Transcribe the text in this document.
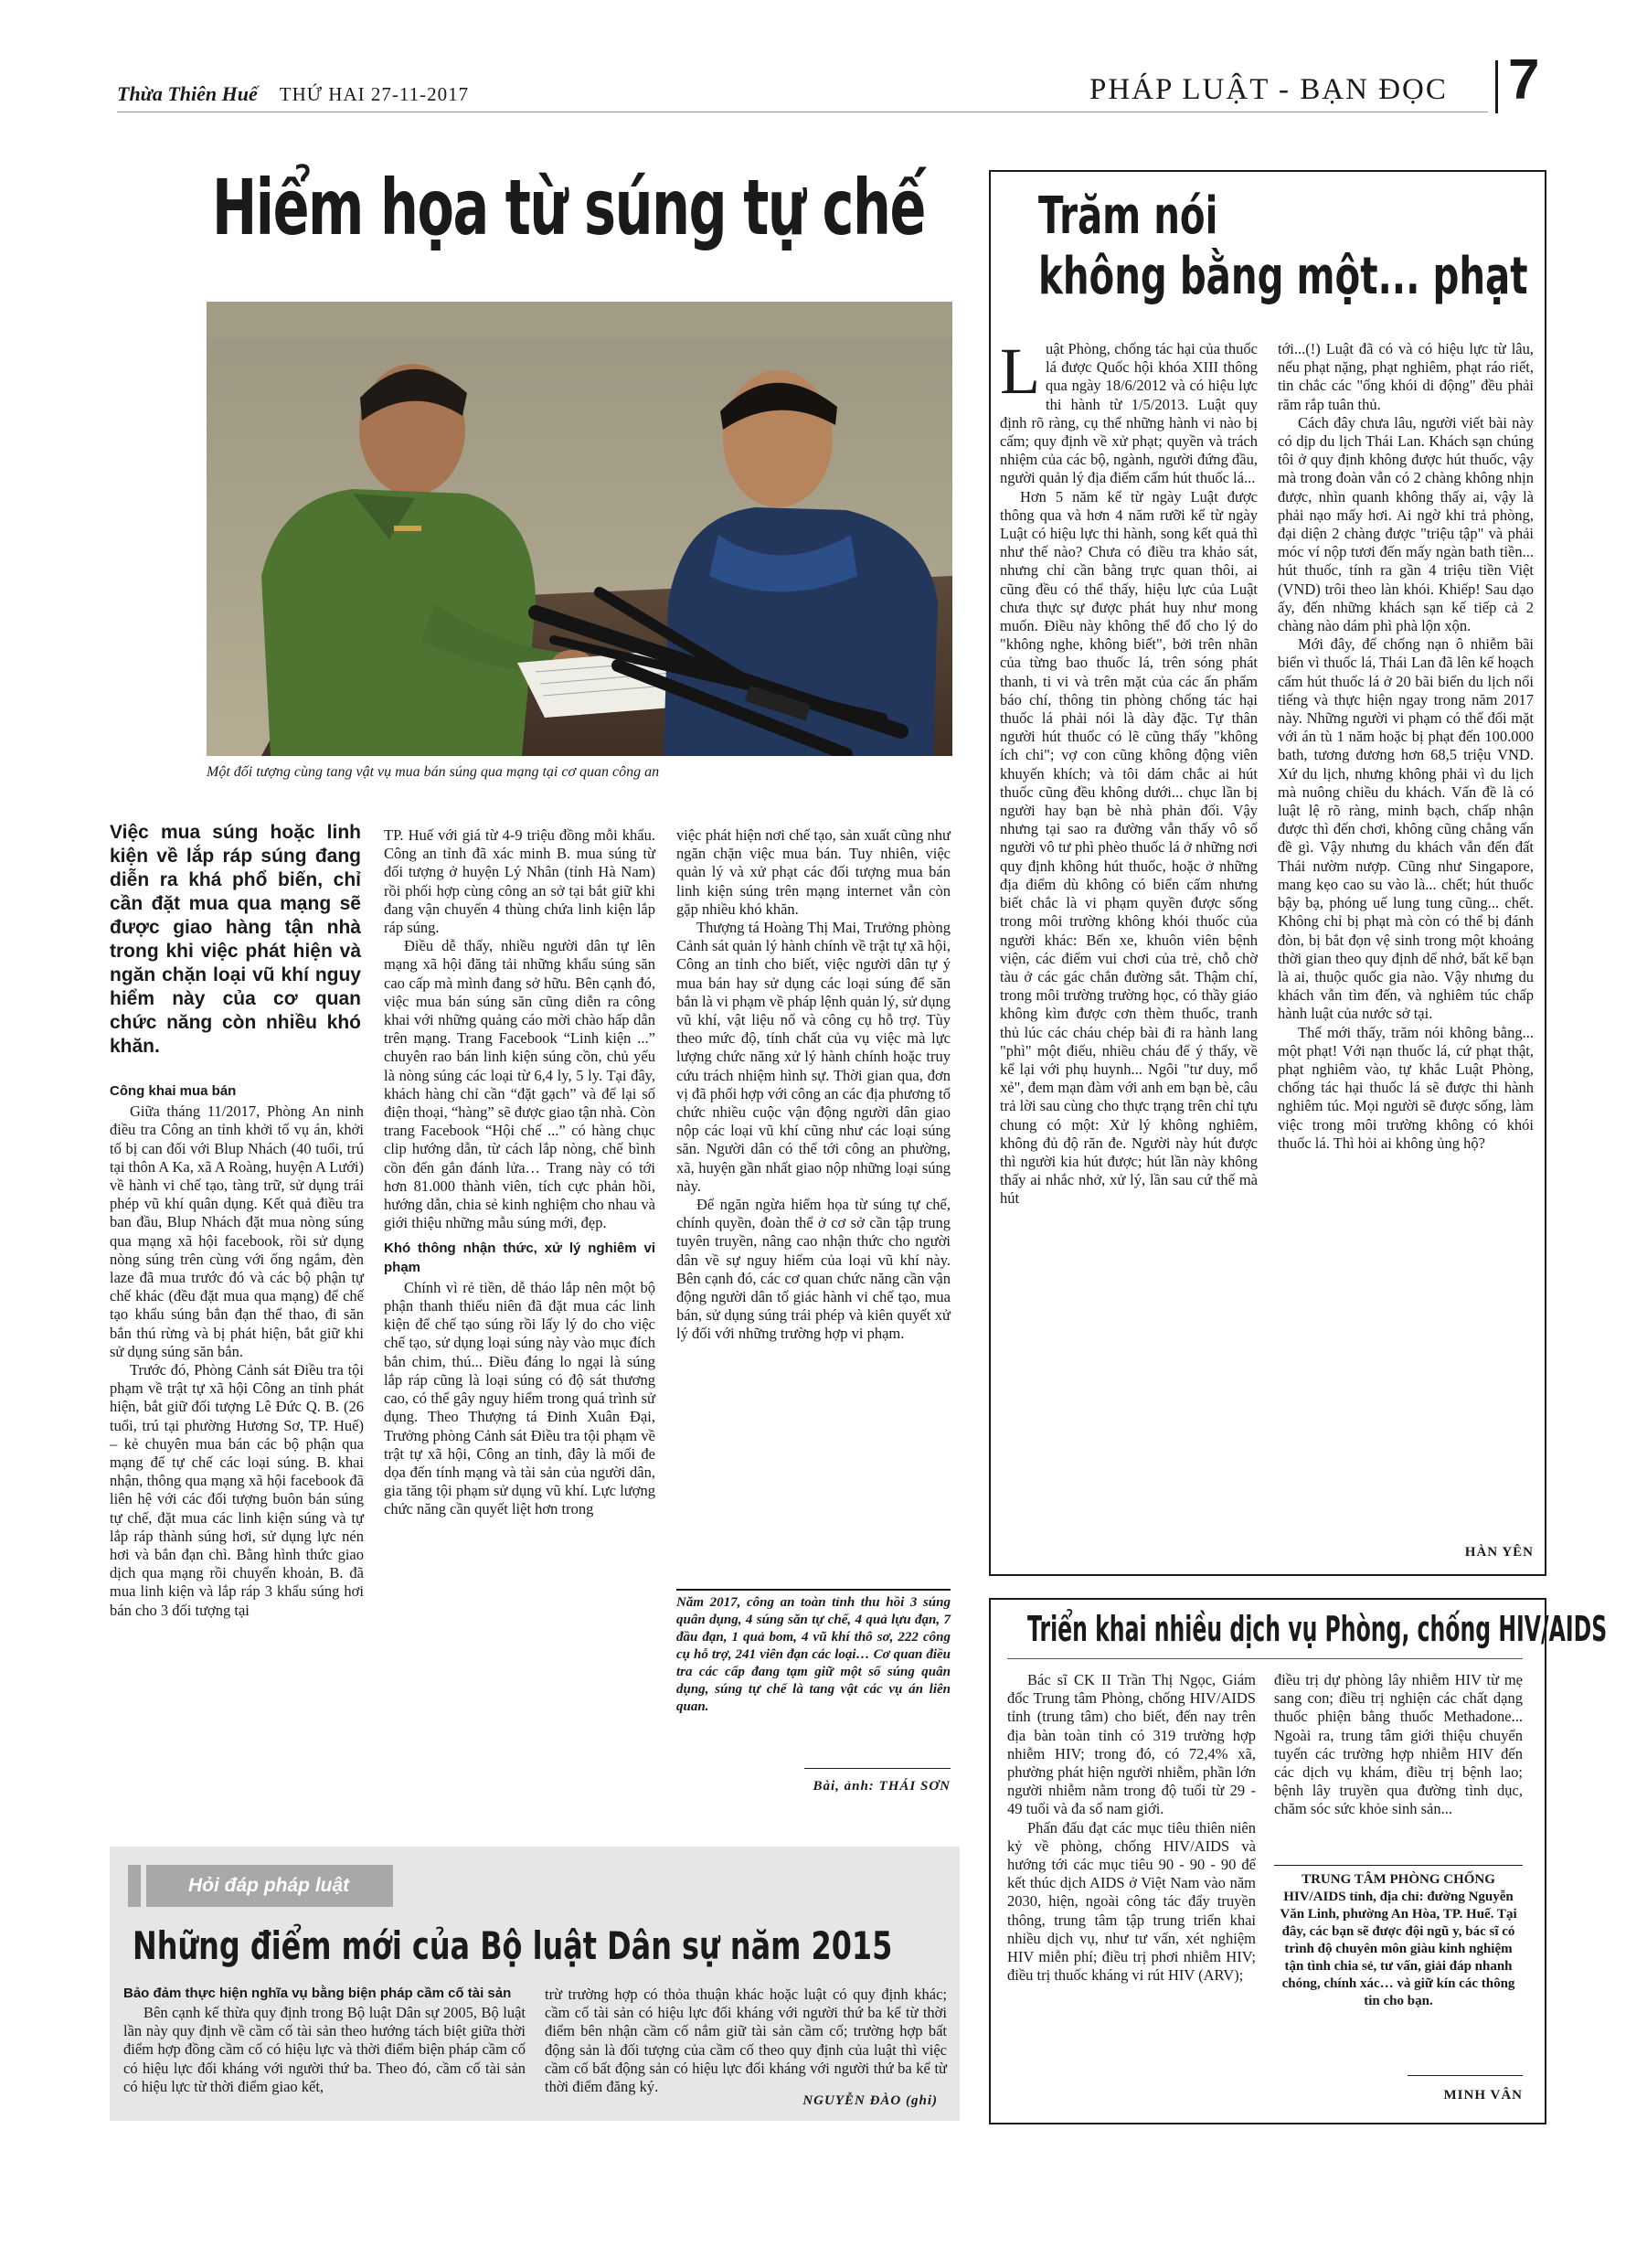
Thừa Thiên Huế THỨ HAI 27-11-2017	PHÁP LUẬT - BẠN ĐỌC 7
Hiểm họa từ súng tự chế
Một đối tượng cùng tang vật vụ mua bán súng qua mạng tại cơ quan công an
Việc mua súng hoặc linh kiện về lắp ráp súng đang diễn ra khá phổ biến, chỉ cần đặt mua qua mạng sẽ được giao hàng tận nhà trong khi việc phát hiện và ngăn chặn loại vũ khí nguy hiểm này của cơ quan chức năng còn nhiều khó khăn.
Công khai mua bán

Giữa tháng 11/2017, Phòng An ninh điều tra Công an tỉnh khởi tố vụ án, khởi tố bị can đối với Blup Nhách (40 tuổi, trú tại thôn A Ka, xã A Roàng, huyện A Lưới) về hành vi chế tạo, tàng trữ, sử dụng trái phép vũ khí quân dụng. Kết quả điều tra ban đầu, Blup Nhách đặt mua nòng súng qua mạng xã hội facebook, rồi sử dụng nòng súng trên cùng với ống ngắm, đèn laze đã mua trước đó và các bộ phận tự chế khác (đều đặt mua qua mạng) để chế tạo khẩu súng bắn đạn thể thao, đi săn bắn thú rừng và bị phát hiện, bắt giữ khi sử dụng súng săn bắn.

Trước đó, Phòng Cảnh sát Điều tra tội phạm về trật tự xã hội Công an tỉnh phát hiện, bắt giữ đối tượng Lê Đức Q. B. (26 tuổi, trú tại phường Hương Sơ, TP. Huế) – kẻ chuyên mua bán các bộ phận qua mạng để tự chế các loại súng. B. khai nhận, thông qua mạng xã hội facebook đã liên hệ với các đối tượng buôn bán súng tự chế, đặt mua các linh kiện súng và tự lắp ráp thành súng hơi, sử dụng lực nén hơi và bắn đạn chì. Bằng hình thức giao dịch qua mạng rồi chuyển khoản, B. đã mua linh kiện và lắp ráp 3 khẩu súng hơi bán cho 3 đối tượng tại

TP. Huế với giá từ 4-9 triệu đồng mỗi khẩu. Công an tỉnh đã xác minh B. mua súng từ đối tượng ở huyện Lý Nhân (tỉnh Hà Nam) rồi phối hợp cùng công an sở tại bắt giữ khi đang vận chuyển 4 thùng chứa linh kiện lắp ráp súng.

Điều dễ thấy, nhiều người dân tự lên mạng xã hội đăng tải những khẩu súng săn cao cấp mà mình đang sở hữu. Bên cạnh đó, việc mua bán súng săn cũng diễn ra công khai với những quảng cáo mời chào hấp dẫn trên mạng. Trang Facebook “Linh kiện ...” chuyên rao bán linh kiện súng cồn, chủ yếu là nòng súng các loại từ 6,4 ly, 5 ly. Tại đây, khách hàng chỉ cần “đặt gạch” và để lại số điện thoại, “hàng” sẽ được giao tận nhà. Còn trang Facebook “Hội chế ...” có hàng chục clip hướng dẫn, từ cách lắp nòng, chế bình cồn đến gắn đánh lửa… Trang này có tới hơn 81.000 thành viên, tích cực phản hồi, hướng dẫn, chia sẻ kinh nghiệm cho nhau và giới thiệu những mẫu súng mới, đẹp.

Khó thông nhận thức, xử lý nghiêm vi phạm

Chính vì rẻ tiền, dễ tháo lắp nên một bộ phận thanh thiếu niên đã đặt mua các linh kiện để chế tạo súng rồi lấy lý do cho việc chế tạo, sử dụng loại súng này vào mục đích bắn chim, thú... Điều đáng lo ngại là súng lắp ráp cũng là loại súng có độ sát thương cao, có thể gây nguy hiểm trong quá trình sử dụng. Theo Thượng tá Đinh Xuân Đại, Trưởng phòng Cảnh sát Điều tra tội phạm về trật tự xã hội, Công an tỉnh, đây là mối đe dọa đến tính mạng và tài sản của người dân, gia tăng tội phạm sử dụng vũ khí. Lực lượng chức năng cần quyết liệt hơn trong

việc phát hiện nơi chế tạo, sản xuất cũng như ngăn chặn việc mua bán. Tuy nhiên, việc quản lý và xử phạt các đối tượng mua bán linh kiện súng trên mạng internet vẫn còn gặp nhiều khó khăn.

Thượng tá Hoàng Thị Mai, Trưởng phòng Cảnh sát quản lý hành chính về trật tự xã hội, Công an tỉnh cho biết, việc người dân tự ý mua bán hay sử dụng các loại súng để săn bắn là vi phạm về pháp lệnh quản lý, sử dụng vũ khí, vật liệu nổ và công cụ hỗ trợ. Tùy theo mức độ, tính chất của vụ việc mà lực lượng chức năng xử lý hành chính hoặc truy cứu trách nhiệm hình sự. Thời gian qua, đơn vị đã phối hợp với công an các địa phương tổ chức nhiều cuộc vận động người dân giao nộp các loại vũ khí cũng như các loại súng săn. Người dân có thể tới công an phường, xã, huyện gần nhất giao nộp những loại súng này.

Để ngăn ngừa hiểm họa từ súng tự chế, chính quyền, đoàn thể ở cơ sở cần tập trung tuyên truyền, nâng cao nhận thức cho người dân về sự nguy hiểm của loại vũ khí này. Bên cạnh đó, các cơ quan chức năng cần vận động người dân tố giác hành vi chế tạo, mua bán, sử dụng súng trái phép và kiên quyết xử lý đối với những trường hợp vi phạm.

Năm 2017, công an toàn tỉnh thu hồi 3 súng quân dụng, 4 súng săn tự chế, 4 quả lựu đạn, 7 đầu đạn, 1 quả bom, 4 vũ khí thô sơ, 222 công cụ hỗ trợ, 241 viên đạn các loại… Cơ quan điều tra các cấp đang tạm giữ một số súng quân dụng, súng tự chế là tang vật các vụ án liên quan.
Bài, ảnh: THÁI SƠN
Trăm nói
không bằng một... phạt
L uật Phòng, chống tác hại của thuốc lá được Quốc hội khóa XIII thông qua ngày 18/6/2012 và có hiệu lực thi hành từ 1/5/2013. Luật quy định rõ ràng, cụ thể những hành vi nào bị cấm; quy định về xử phạt; quyền và trách nhiệm của các bộ, ngành, người đứng đầu, người quản lý địa điểm cấm hút thuốc lá...

Hơn 5 năm kể từ ngày Luật được thông qua và hơn 4 năm rưỡi kể từ ngày Luật có hiệu lực thi hành, song kết quả thì như thế nào? Chưa có điều tra khảo sát, nhưng chỉ cần bằng trực quan thôi, ai cũng đều có thể thấy, hiệu lực của Luật chưa thực sự được phát huy như mong muốn. Điều này không thể đổ cho lý do "không nghe, không biết", bởi trên nhãn của từng bao thuốc lá, trên sóng phát thanh, ti vi và trên mặt của các ấn phẩm báo chí, thông tin phòng chống tác hại thuốc lá phải nói là dày đặc. Tự thân người hút thuốc có lẽ cũng thấy "không ích chi"; vợ con cũng không động viên khuyến khích; và tôi dám chắc ai hút thuốc cũng đều không dưới... chục lần bị người hay bạn bè nhà phản đối. Vậy nhưng tại sao ra đường vẫn thấy vô số người vô tư phì phèo thuốc lá ở những nơi quy định không hút thuốc, hoặc ở những địa điểm dù không có biển cấm nhưng biết chắc là vi phạm quyền được sống trong môi trường không khói thuốc của người khác: Bến xe, khuôn viên bệnh viện, các điểm vui chơi của trẻ, chỗ chờ tàu ở các gác chắn đường sắt. Thậm chí, trong môi trường trường học, có thầy giáo không kìm được cơn thèm thuốc, tranh thủ lúc các cháu chép bài đi ra hành lang "phì" một điếu, nhiều cháu để ý thấy, về kể lại với phụ huynh... Ngôi "tư duy, mổ xẻ", đem mạn đàm với anh em bạn bè, câu trả lời sau cùng cho thực trạng trên chỉ tựu chung có một: Xử lý không nghiêm, không đủ độ răn đe. Người này hút được thì người kia hút được; hút lần này không thấy ai nhắc nhở, xử lý, lần sau cứ thế mà hút

tới...(!) Luật đã có và có hiệu lực từ lâu, nếu phạt nặng, phạt nghiêm, phạt ráo riết, tin chắc các "ống khói di động" đều phải răm rắp tuân thủ.

Cách đây chưa lâu, người viết bài này có dịp du lịch Thái Lan. Khách sạn chúng tôi ở quy định không được hút thuốc, vậy mà trong đoàn vẫn có 2 chàng không nhịn được, nhìn quanh không thấy ai, vậy là phải nạo mấy hơi. Ai ngờ khi trả phòng, đại diện 2 chàng được "triệu tập" và phải móc ví nộp tươi đến mấy ngàn bath tiền... hút thuốc, tính ra gần 4 triệu tiền Việt (VND) trôi theo làn khói. Khiếp! Sau dạo ấy, đến những khách sạn kế tiếp cả 2 chàng nào dám phì phà lộn xộn.

Mới đây, để chống nạn ô nhiễm bãi biển vì thuốc lá, Thái Lan đã lên kế hoạch cấm hút thuốc lá ở 20 bãi biển du lịch nổi tiếng và thực hiện ngay trong năm 2017 này. Những người vi phạm có thể đối mặt với án tù 1 năm hoặc bị phạt đến 100.000 bath, tương đương hơn 68,5 triệu VND. Xứ du lịch, nhưng không phải vì du lịch mà nuông chiều du khách. Vấn đề là có luật lệ rõ ràng, minh bạch, chấp nhận được thì đến chơi, không cũng chẳng vấn đề gì. Vậy nhưng du khách vẫn đến đất Thái nườm nượp. Cũng như Singapore, mang kẹo cao su vào là... chết; hút thuốc bậy bạ, phóng uế lung tung cũng... chết. Không chỉ bị phạt mà còn có thể bị đánh đòn, bị bắt đọn vệ sinh trong một khoảng thời gian theo quy định dể nhớ, bất kể bạn là ai, thuộc quốc gia nào. Vậy nhưng du khách vẫn tìm đến, và nghiêm túc chấp hành luật của nước sở tại.

Thế mới thấy, trăm nói không bằng... một phạt! Với nạn thuốc lá, cứ phạt thật, phạt nghiêm vào, tự khắc Luật Phòng, chống tác hại thuốc lá sẽ được thi hành nghiêm túc. Mọi người sẽ được sống, làm việc trong môi trường không có khói thuốc lá. Thì hỏi ai không ủng hộ?

HÀN YÊN
Triển khai nhiều dịch vụ Phòng, chống HIV/AIDS

Bác sĩ CK II Trần Thị Ngọc, Giám đốc Trung tâm Phòng, chống HIV/AIDS tỉnh (trung tâm) cho biết, đến nay trên địa bàn toàn tỉnh có 319 trường hợp nhiễm HIV; trong đó, có 72,4% xã, phường phát hiện người nhiễm, phần lớn người nhiễm nằm trong độ tuổi từ 29 - 49 tuổi và đa số nam giới.

Phấn đấu đạt các mục tiêu thiên niên kỷ về phòng, chống HIV/AIDS và hướng tới các mục tiêu 90 - 90 - 90 để kết thúc dịch AIDS ở Việt Nam vào năm 2030, hiện, ngoài công tác đẩy truyền thông, trung tâm tập trung triển khai nhiều dịch vụ, như tư vấn, xét nghiệm HIV miễn phí; điều trị phơi nhiễm HIV; điều trị thuốc kháng vi rút HIV (ARV);

điều trị dự phòng lây nhiễm HIV từ mẹ sang con; điều trị nghiện các chất dạng thuốc phiện bằng thuốc Methadone... Ngoài ra, trung tâm giới thiệu chuyển tuyến các trường hợp nhiễm HIV đến các dịch vụ khám, điều trị bệnh lao; bệnh lây truyền qua đường tình dục, chăm sóc sức khỏe sinh sản...

TRUNG TÂM PHÒNG CHỐNG HIV/AIDS tỉnh, địa chỉ: đường Nguyễn Văn Linh, phường An Hòa, TP. Huế. Tại đây, các bạn sẽ được đội ngũ y, bác sĩ có trình độ chuyên môn giàu kinh nghiệm tận tình chia sẻ, tư vấn, giải đáp nhanh chóng, chính xác… và giữ kín các thông tin cho bạn.
MINH VÂN
Hỏi đáp pháp luật
Những điểm mới của Bộ luật Dân sự năm 2015
Bảo đảm thực hiện nghĩa vụ bằng biện pháp cầm cố tài sản
Bên cạnh kế thừa quy định trong Bộ luật Dân sự 2005, Bộ luật lần này quy định về cầm cố tài sản theo hướng tách biệt giữa thời điểm hợp đồng cầm cố có hiệu lực và thời điểm biện pháp cầm cố có hiệu lực đối kháng với người thứ ba. Theo đó, cầm cố tài sản có hiệu lực từ thời điểm giao kết,
trừ trường hợp có thỏa thuận khác hoặc luật có quy định khác; cầm cố tài sản có hiệu lực đối kháng với người thứ ba kể từ thời điểm bên nhận cầm cố nắm giữ tài sản cầm cố; trường hợp bất động sản là đối tượng của cầm cố theo quy định của luật thì việc cầm cố bất động sản có hiệu lực đối kháng với người thứ ba kể từ thời điểm đăng ký.
NGUYỄN ĐÀO (ghi)
